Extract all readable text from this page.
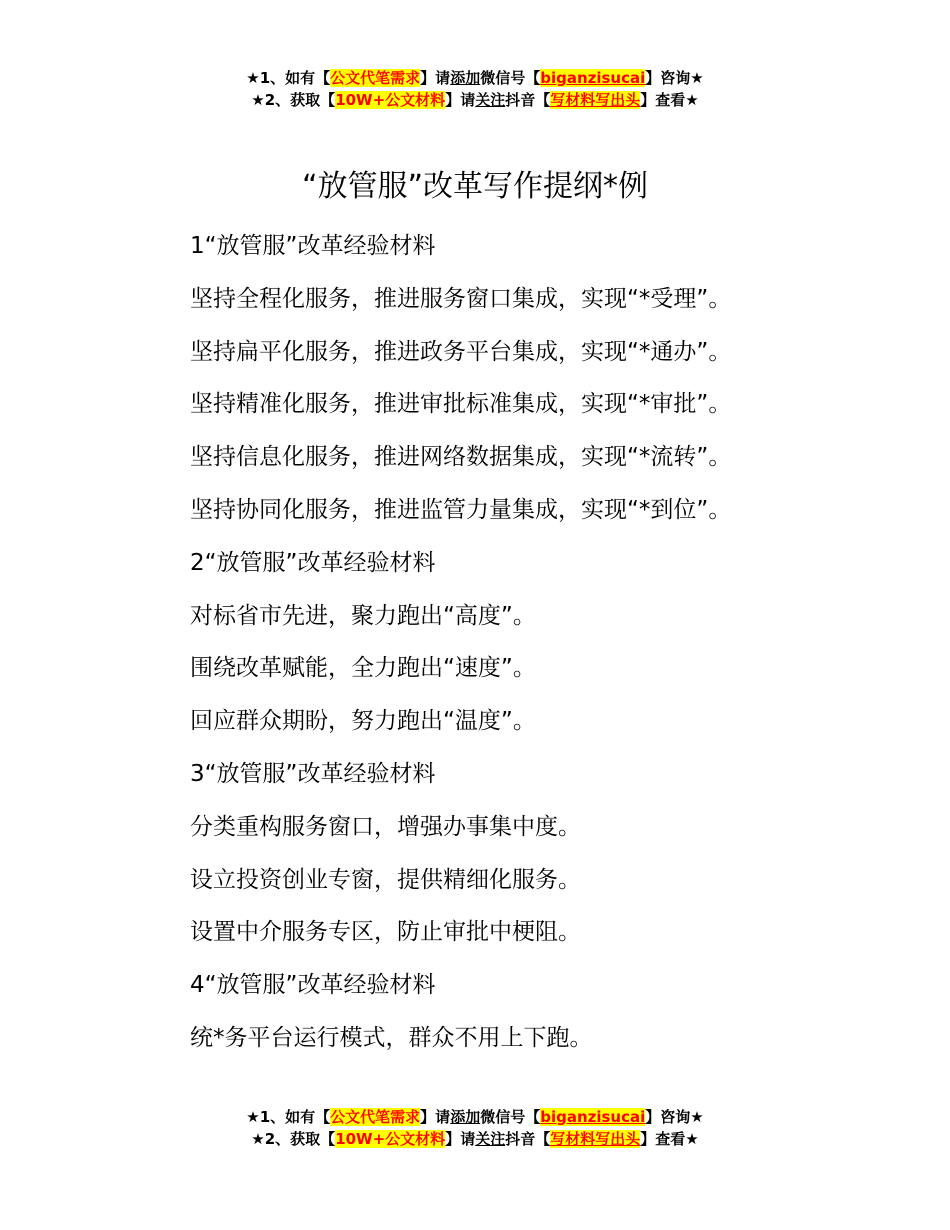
★1、如有【公文代笔需求】请添加微信号【biganzisucai】咨询★
★2、获取【10W+公文材料】请关注抖音【写材料写出头】查看★
“放管服”改革写作提纲*例
1“放管服”改革经验材料
坚持全程化服务，推进服务窗口集成，实现“*受理”。
坚持扁平化服务，推进政务平台集成，实现“*通办”。
坚持精准化服务，推进审批标准集成，实现“*审批”。
坚持信息化服务，推进网络数据集成，实现“*流转”。
坚持协同化服务，推进监管力量集成，实现“*到位”。
2“放管服”改革经验材料
对标省市先进，聚力跑出“高度”。
围绕改革赋能，全力跑出“速度”。
回应群众期盼，努力跑出“温度”。
3“放管服”改革经验材料
分类重构服务窗口，增强办事集中度。
设立投资创业专窗，提供精细化服务。
设置中介服务专区，防止审批中梗阻。
4“放管服”改革经验材料
统*务平台运行模式，群众不用上下跑。
★1、如有【公文代笔需求】请添加微信号【biganzisucai】咨询★
★2、获取【10W+公文材料】请关注抖音【写材料写出头】查看★
